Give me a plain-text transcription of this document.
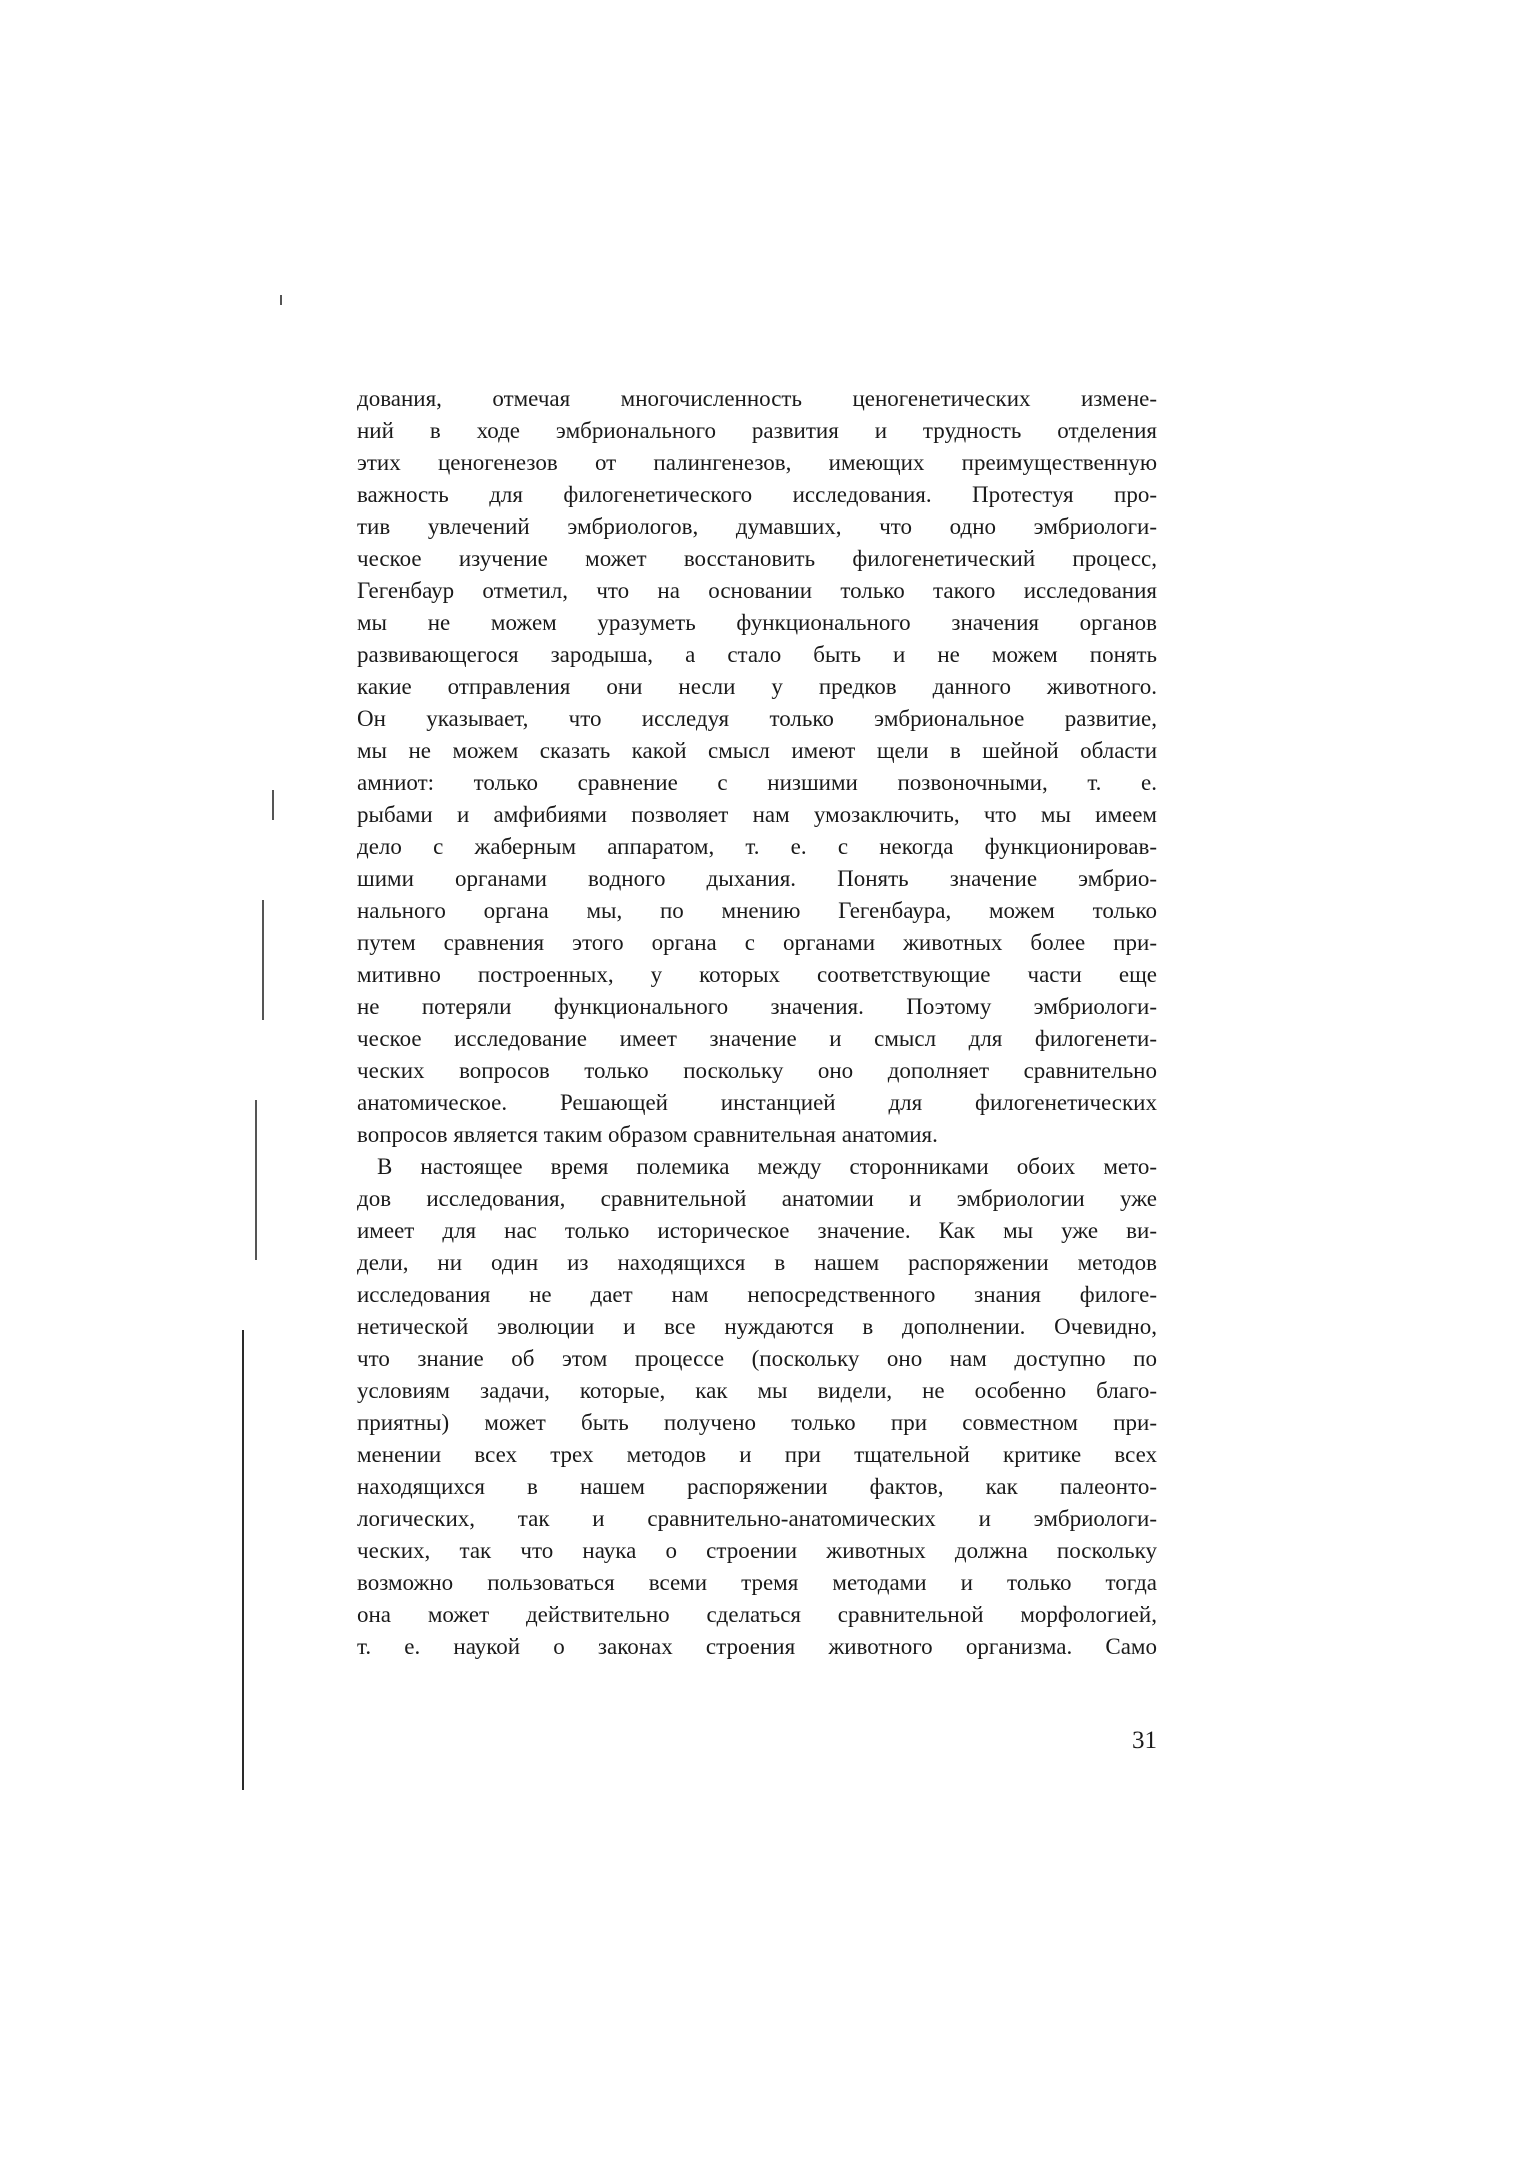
дования, отмечая многочисленность ценогенетических измене-
ний в ходе эмбрионального развития и трудность отделения
этих ценогенезов от палингенезов, имеющих преимущественную
важность для филогенетического исследования. Протестуя про-
тив увлечений эмбриологов, думавших, что одно эмбриологи-
ческое изучение может восстановить филогенетический процесс,
Гегенбаур отметил, что на основании только такого исследования
мы не можем уразуметь функционального значения органов
развивающегося зародыша, а стало быть и не можем понять
какие отправления они несли у предков данного животного.
Он указывает, что исследуя только эмбриональное развитие,
мы не можем сказать какой смысл имеют щели в шейной области
амниот: только сравнение с низшими позвоночными, т. е.
рыбами и амфибиями позволяет нам умозаключить, что мы имеем
дело с жаберным аппаратом, т. е. с некогда функционировав-
шими органами водного дыхания. Понять значение эмбрио-
нального органа мы, по мнению Гегенбаура, можем только
путем сравнения этого органа с органами животных более при-
митивно построенных, у которых соответствующие части еще
не потеряли функционального значения. Поэтому эмбриологи-
ческое исследование имеет значение и смысл для филогенети-
ческих вопросов только поскольку оно дополняет сравнительно
анатомическое. Решающей инстанцией для филогенетических
вопросов является таким образом сравнительная анатомия.
В настоящее время полемика между сторонниками обоих мето-
дов исследования, сравнительной анатомии и эмбриологии уже
имеет для нас только историческое значение. Как мы уже ви-
дели, ни один из находящихся в нашем распоряжении методов
исследования не дает нам непосредственного знания филоге-
нетической эволюции и все нуждаются в дополнении. Очевидно,
что знание об этом процессе (поскольку оно нам доступно по
условиям задачи, которые, как мы видели, не особенно благо-
приятны) может быть получено только при совместном при-
менении всех трех методов и при тщательной критике всех
находящихся в нашем распоряжении фактов, как палеонто-
логических, так и сравнительно-анатомических и эмбриологи-
ческих, так что наука о строении животных должна поскольку
возможно пользоваться всеми тремя методами и только тогда
она может действительно сделаться сравнительной морфологией,
т. е. наукой о законах строения животного организма. Само
31
